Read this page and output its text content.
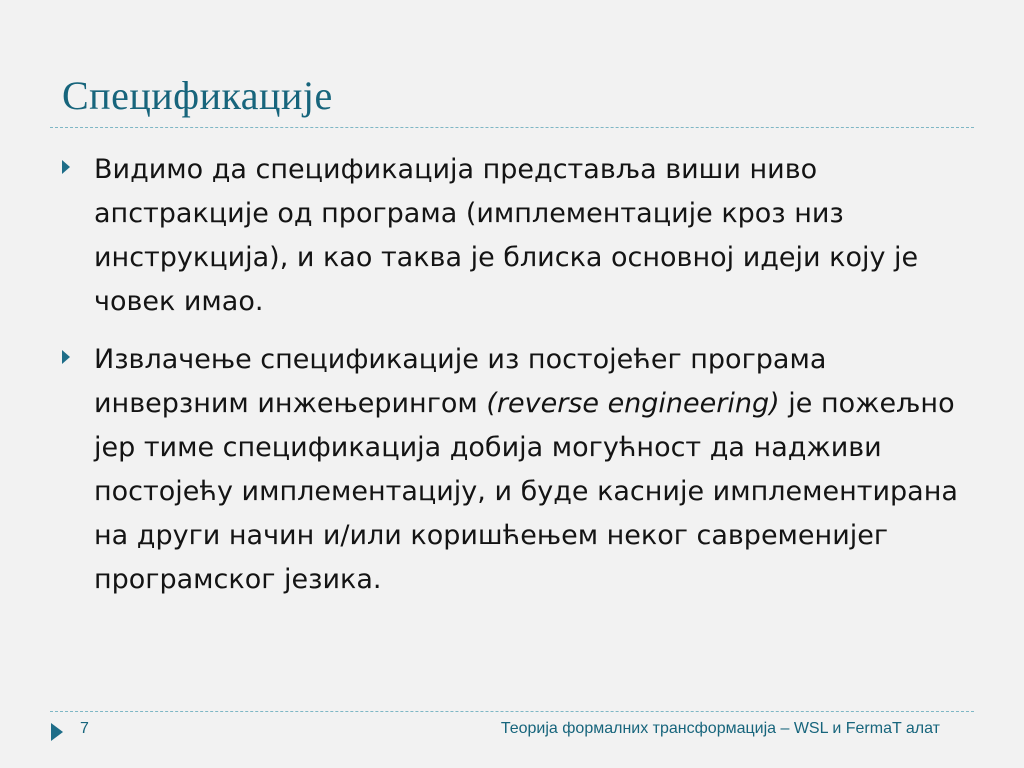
Спецификације
Видимо да спецификација представља виши ниво апстракције од програма (имплементације кроз низ инструкција), и као таква је блиска основној идеји коју је човек имао.
Извлачење спецификације из постојећег програма инверзним инжењерингом (reverse engineering) је пожељно јер тиме спецификација добија могућност да надживи постојећу имплементацију, и буде касније имплементирана на други начин и/или коришћењем неког савременијег програмског језика.
7	Теорија формалних трансформација – WSL и FermaT алат
